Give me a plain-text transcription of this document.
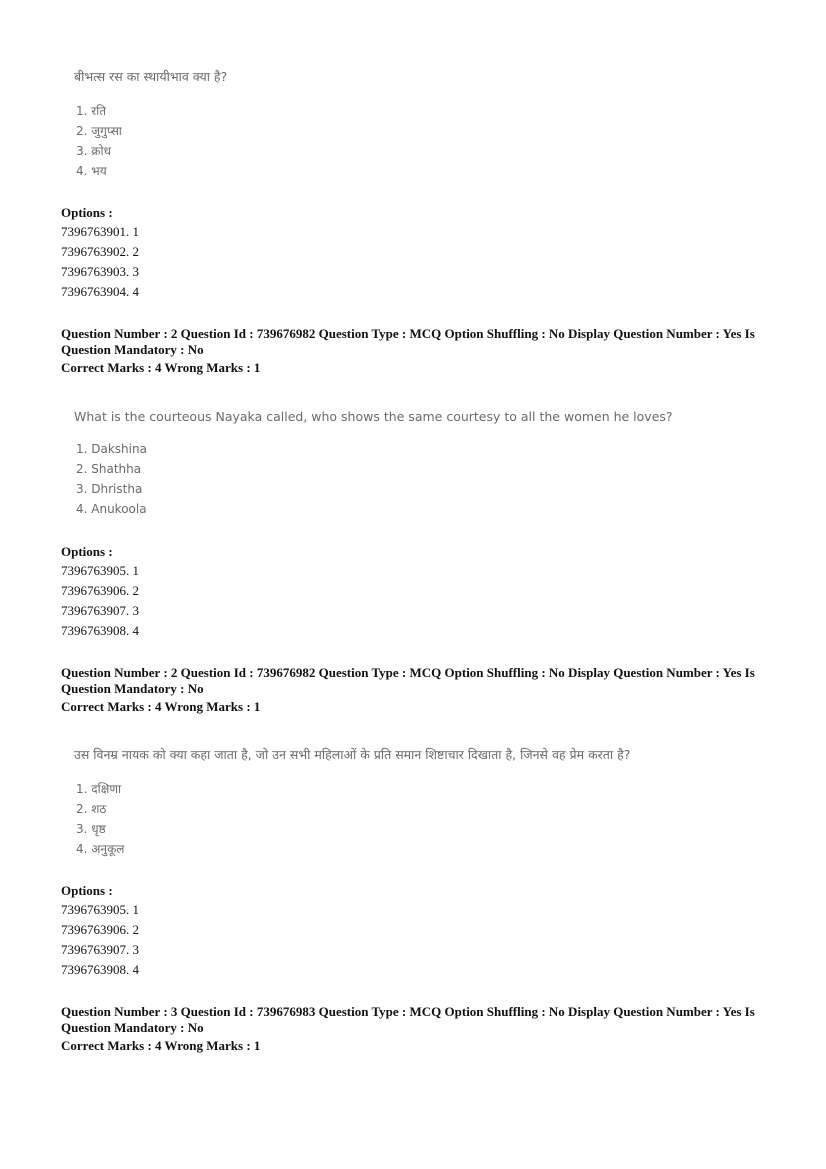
बीभत्स रस का स्थायीभाव क्या है?
1. रति
2. जुगुप्सा
3. क्रोध
4. भय
Options :
7396763901. 1
7396763902. 2
7396763903. 3
7396763904. 4
Question Number : 2 Question Id : 739676982 Question Type : MCQ Option Shuffling : No Display Question Number : Yes Is
Question Mandatory : No
Correct Marks : 4 Wrong Marks : 1
What is the courteous Nayaka called, who shows the same courtesy to all the women he loves?
1. Dakshina
2. Shathha
3. Dhristha
4. Anukoola
Options :
7396763905. 1
7396763906. 2
7396763907. 3
7396763908. 4
Question Number : 2 Question Id : 739676982 Question Type : MCQ Option Shuffling : No Display Question Number : Yes Is
Question Mandatory : No
Correct Marks : 4 Wrong Marks : 1
उस विनम्र नायक को क्या कहा जाता है, जो उन सभी महिलाओं के प्रति समान शिष्टाचार दिखाता है, जिनसे वह प्रेम करता है?
1. दक्षिणा
2. शठ
3. धृष्ठ
4. अनुकूल
Options :
7396763905. 1
7396763906. 2
7396763907. 3
7396763908. 4
Question Number : 3 Question Id : 739676983 Question Type : MCQ Option Shuffling : No Display Question Number : Yes Is
Question Mandatory : No
Correct Marks : 4 Wrong Marks : 1
